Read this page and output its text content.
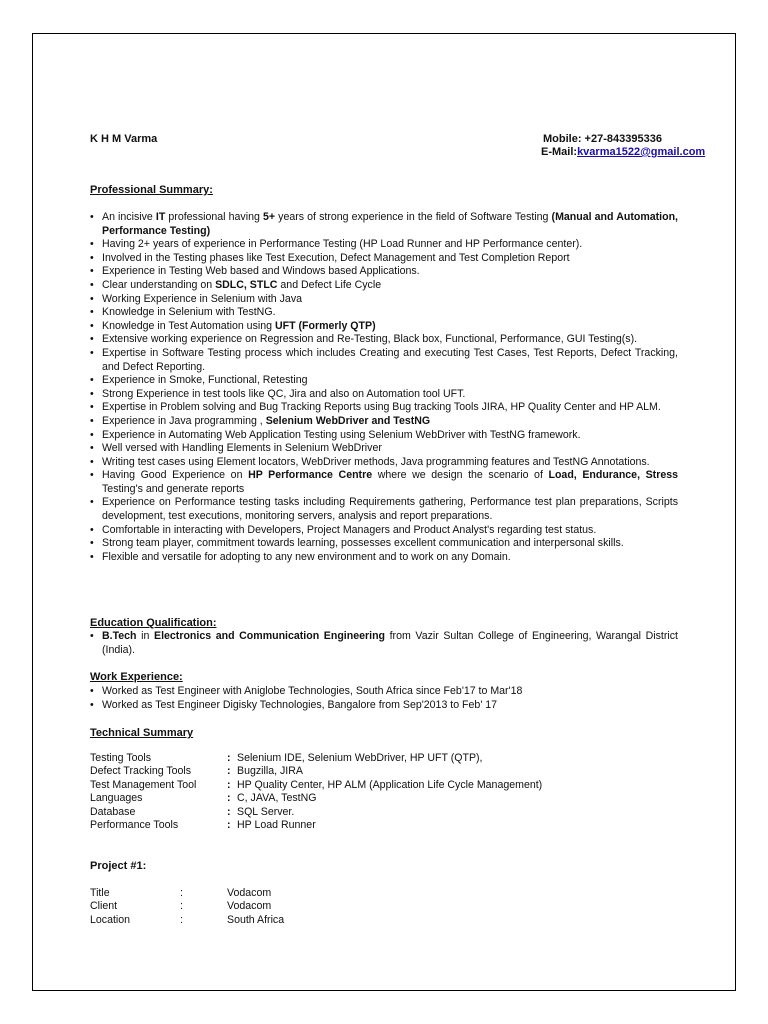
K H M Varma	Mobile: +27-843395336
E-Mail:kvarma1522@gmail.com
Professional Summary:
• An incisive IT professional having 5+ years of strong experience in the field of Software Testing (Manual and Automation, Performance Testing)
• Having 2+ years of experience in Performance Testing (HP Load Runner and HP Performance center).
• Involved in the Testing phases like Test Execution, Defect Management and Test Completion Report
• Experience in Testing Web based and Windows based Applications.
• Clear understanding on SDLC, STLC and Defect Life Cycle
• Working Experience in Selenium with Java
• Knowledge in Selenium with TestNG.
• Knowledge in Test Automation using UFT (Formerly QTP)
• Extensive working experience on Regression and Re-Testing, Black box, Functional, Performance, GUI Testing(s).
• Expertise in Software Testing process which includes Creating and executing Test Cases, Test Reports, Defect Tracking, and Defect Reporting.
• Experience in Smoke, Functional, Retesting
• Strong Experience in test tools like QC, Jira and also on Automation tool UFT.
• Expertise in Problem solving and Bug Tracking Reports using Bug tracking Tools JIRA, HP Quality Center and HP ALM.
• Experience in Java programming , Selenium WebDriver and TestNG
• Experience in Automating Web Application Testing using Selenium WebDriver with TestNG framework.
• Well versed with Handling Elements in Selenium WebDriver
• Writing test cases using Element locators, WebDriver methods, Java programming features and TestNG Annotations.
• Having Good Experience on HP Performance Centre where we design the scenario of Load, Endurance, Stress Testing's and generate reports
• Experience on Performance testing tasks including Requirements gathering, Performance test plan preparations, Scripts development, test executions, monitoring servers, analysis and report preparations.
• Comfortable in interacting with Developers, Project Managers and Product Analyst's regarding test status.
• Strong team player, commitment towards learning, possesses excellent communication and interpersonal skills.
• Flexible and versatile for adopting to any new environment and to work on any Domain.
Education Qualification:
• B.Tech in Electronics and Communication Engineering from Vazir Sultan College of Engineering, Warangal District (India).
Work Experience:
• Worked as Test Engineer with Aniglobe Technologies, South Africa since Feb'17 to Mar'18
• Worked as Test Engineer Digisky Technologies, Bangalore from Sep'2013 to Feb' 17
Technical Summary
Testing Tools	:	Selenium IDE, Selenium WebDriver, HP UFT (QTP),
Defect Tracking Tools	:	Bugzilla, JIRA
Test Management Tool	:	HP Quality Center, HP ALM (Application Life Cycle Management)
Languages	:	C, JAVA, TestNG
Database	:	SQL Server.
Performance Tools	:	HP Load Runner
Project #1:
Title	:	Vodacom
Client	:	Vodacom
Location	:	South Africa
